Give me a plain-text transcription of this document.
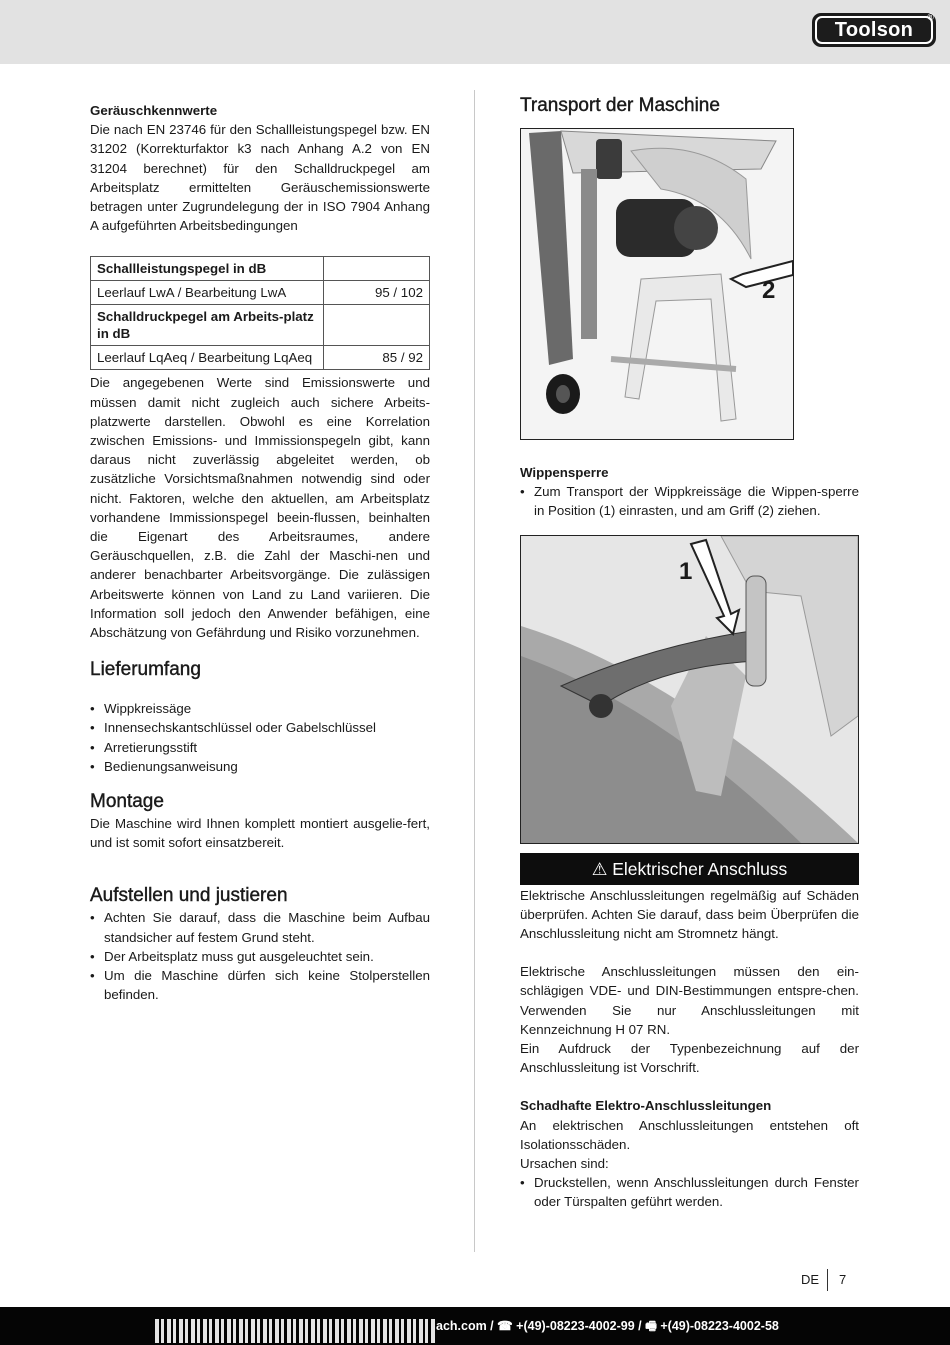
Toolson
®

Geräuschkennwerte

Die nach EN 23746 für den Schallleistungspegel bzw. EN 31202 (Korrekturfaktor k3 nach Anhang A.2 von EN 31204 berechnet) für den Schalldruckpegel am Arbeitsplatz ermittelten Geräuschemissionswerte betragen unter Zugrundelegung der in ISO 7904 Anhang A aufgeführten Arbeitsbedingungen

Schallleistungspegel in dB	
Leerlauf LwA / Bearbeitung LwA	95 / 102
Schalldruckpegel am Arbeits-platz in dB	
Leerlauf LqAeq / Bearbeitung LqAeq	85 / 92

Die angegebenen Werte sind Emissionswerte und müssen damit nicht zugleich auch sichere Arbeits-platzwerte darstellen. Obwohl es eine Korrelation zwischen Emissions- und Immissionspegeln gibt, kann daraus nicht zuverlässig abgeleitet werden, ob zusätzliche Vorsichtsmaßnahmen notwendig sind oder nicht. Faktoren, welche den aktuellen, am Arbeitsplatz vorhandene Immissionspegel beein-flussen, beinhalten die Eigenart des Arbeitsraumes, andere Geräuschquellen, z.B. die Zahl der Maschi-nen und anderer benachbarter Arbeitsvorgänge. Die zulässigen Arbeitswerte können von Land zu Land variieren. Die Information soll jedoch den Anwender befähigen, eine Abschätzung von Gefährdung und Risiko vorzunehmen.

Lieferumfang
• Wippkreissäge
• Innensechskantschlüssel oder Gabelschlüssel
• Arretierungsstift
• Bedienungsanweisung
Montage

Die Maschine wird Ihnen komplett montiert ausgelie-fert, und ist somit sofort einsatzbereit.

Aufstellen und justieren
• Achten Sie darauf, dass die Maschine beim Aufbau standsicher auf festem Grund steht.
• Der Arbeitsplatz muss gut ausgeleuchtet sein.
• Um die Maschine dürfen sich keine Stolperstellen befinden.
Transport der Maschine
2

Wippensperre

• Zum Transport der Wippkreissäge die Wippen-sperre in Position (1) einrasten, und am Griff (2) ziehen.
1
⚠ Elektrischer Anschluss

Elektrische Anschlussleitungen regelmäßig auf Schäden überprüfen. Achten Sie darauf, dass beim Überprüfen die Anschlussleitung nicht am Stromnetz hängt.

Elektrische Anschlussleitungen müssen den ein-schlägigen VDE- und DIN-Bestimmungen entspre-chen. Verwenden Sie nur Anschlussleitungen mit Kennzeichnung H 07 RN.

Ein Aufdruck der Typenbezeichnung auf der Anschlussleitung ist Vorschrift.

Schadhafte Elektro-Anschlussleitungen

An elektrischen Anschlussleitungen entstehen oft Isolationsschäden.

Ursachen sind:

• Druckstellen, wenn Anschlussleitungen durch Fenster oder Türspalten geführt werden.
DE 7
ach.com / ☎ +(49)-08223-4002-99 / 🖷 +(49)-08223-4002-58
